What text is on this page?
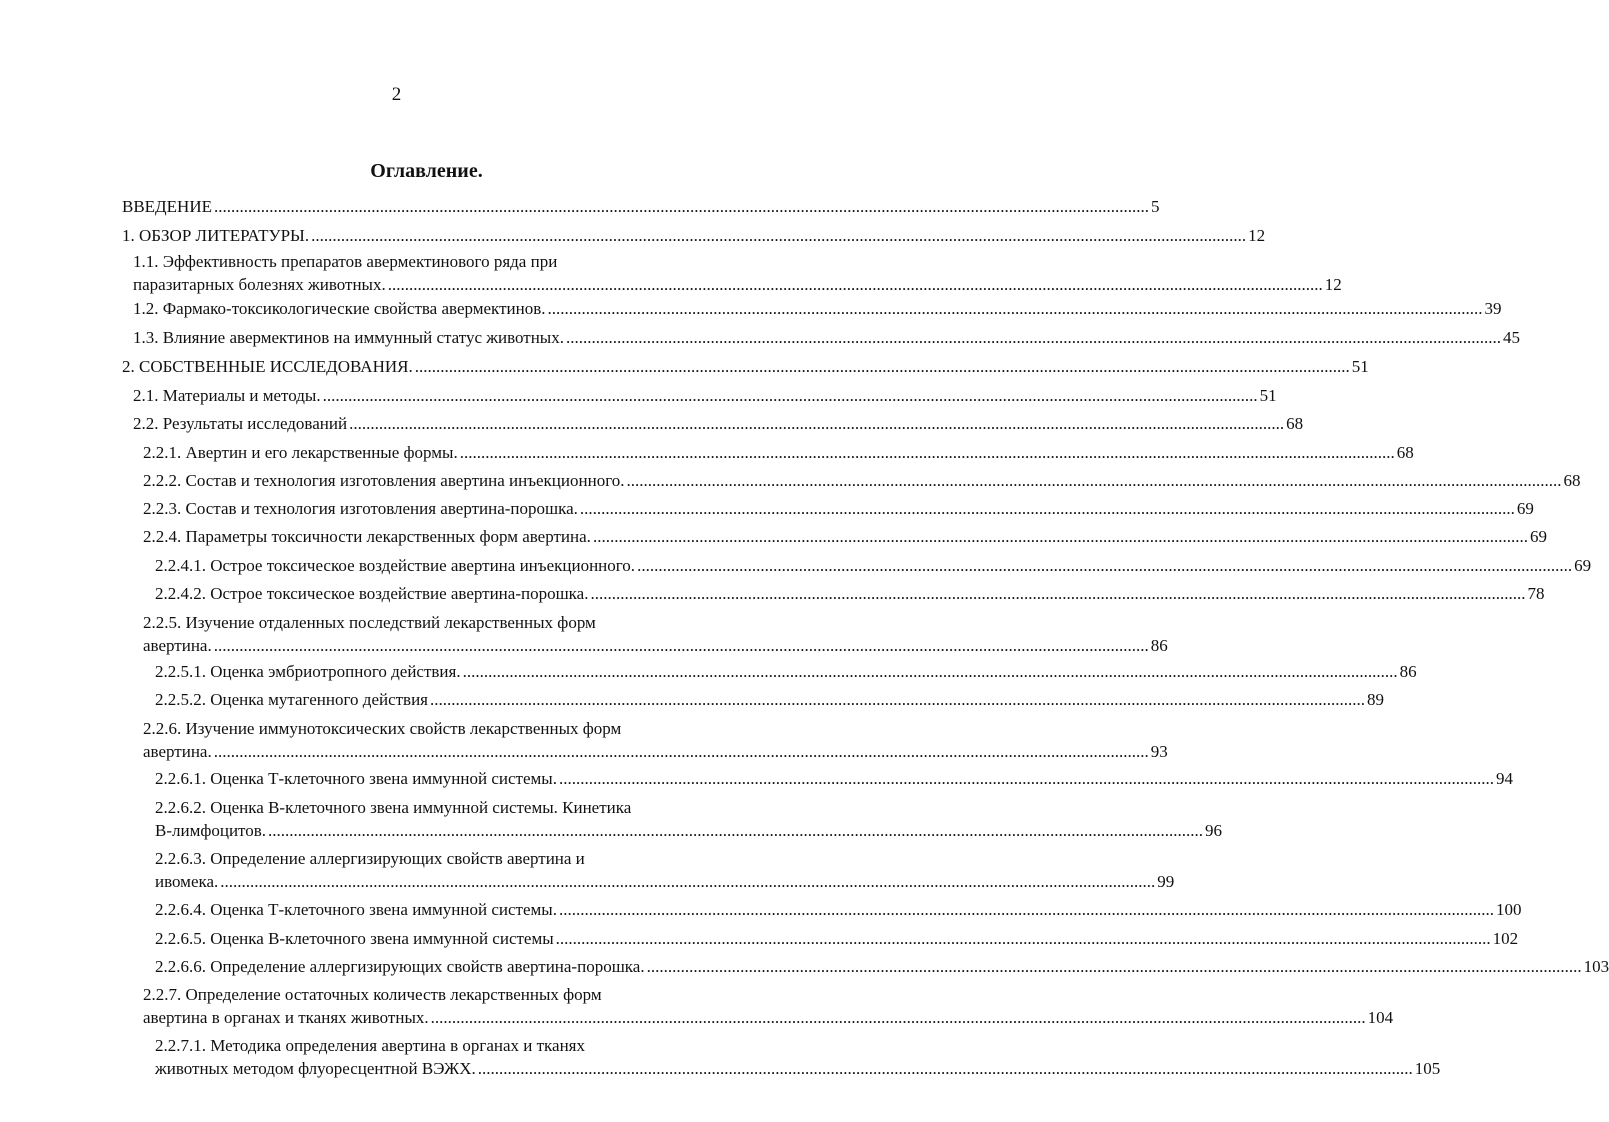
2
Оглавление.
ВВЕДЕНИЕ .....	5
1. ОБЗОР ЛИТЕРАТУРЫ. .....	12
1.1. Эффективность препаратов авермектинового ряда при
паразитарных болезнях животных. .....	12
1.2. Фармако-токсикологические свойства авермектинов. .....	39
1.3. Влияние авермектинов на иммунный статус животных. .....	45
2. СОБСТВЕННЫЕ ИССЛЕДОВАНИЯ. .....	51
2.1. Материалы и методы. .....	51
2.2. Результаты исследований .....	68
2.2.1. Авертин и его лекарственные формы. .....	68
2.2.2. Состав и технология изготовления авертина инъекционного. .....	68
2.2.3. Состав и технология изготовления авертина-порошка. .....	69
2.2.4. Параметры токсичности лекарственных форм авертина. .....	69
2.2.4.1. Острое токсическое воздействие авертина инъекционного. .....	69
2.2.4.2. Острое токсическое воздействие авертина-порошка. .....	78
2.2.5. Изучение отдаленных последствий лекарственных форм
авертина. .....	86
2.2.5.1. Оценка эмбриотропного действия. .....	86
2.2.5.2. Оценка мутагенного действия .....	89
2.2.6. Изучение иммунотоксических свойств лекарственных форм
авертина. .....	93
2.2.6.1. Оценка Т-клеточного звена иммунной системы. .....	94
2.2.6.2. Оценка В-клеточного звена иммунной системы. Кинетика
В-лимфоцитов. .....	96
2.2.6.3. Определение аллергизирующих свойств авертина и
ивомека. .....	99
2.2.6.4. Оценка Т-клеточного звена иммунной системы. .....	100
2.2.6.5. Оценка В-клеточного звена иммунной системы .....	102
2.2.6.6. Определение аллергизирующих свойств авертина-порошка. .....	103
2.2.7. Определение остаточных количеств лекарственных форм
авертина в органах и тканях животных. .....	104
2.2.7.1. Методика определения авертина в органах и тканях
животных методом флуоресцентной ВЭЖХ. .....	105
